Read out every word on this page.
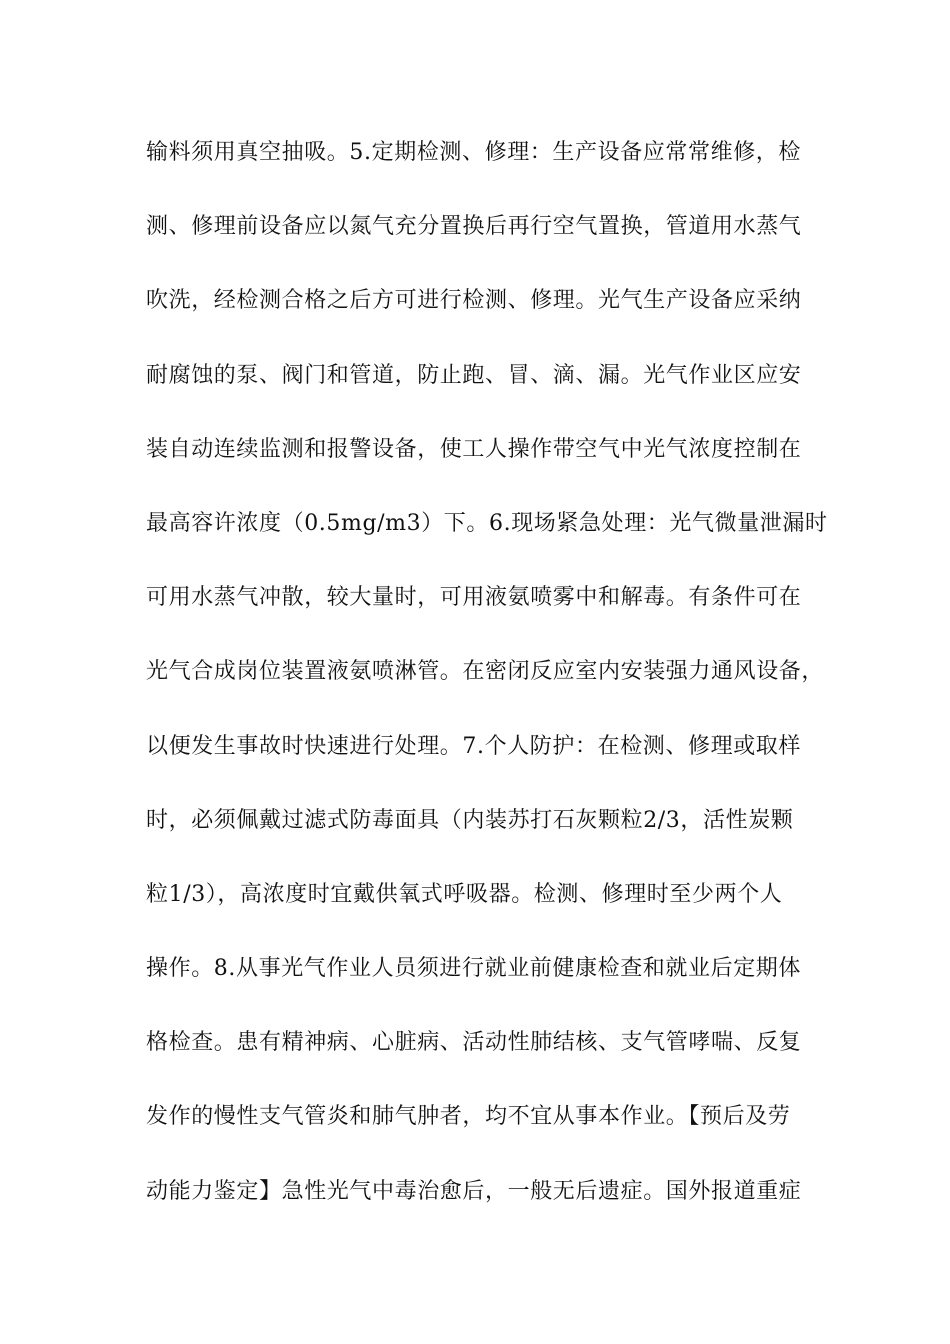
输料须用真空抽吸。5.定期检测、修理：生产设备应常常维修，检
测、修理前设备应以氮气充分置换后再行空气置换，管道用水蒸气
吹洗，经检测合格之后方可进行检测、修理。光气生产设备应采纳
耐腐蚀的泵、阀门和管道，防止跑、冒、滴、漏。光气作业区应安
装自动连续监测和报警设备，使工人操作带空气中光气浓度控制在
最高容许浓度（0.5mg/m3）下。6.现场紧急处理：光气微量泄漏时
可用水蒸气冲散，较大量时，可用液氨喷雾中和解毒。有条件可在
光气合成岗位装置液氨喷淋管。在密闭反应室内安装强力通风设备，
以便发生事故时快速进行处理。7.个人防护：在检测、修理或取样
时，必须佩戴过滤式防毒面具（内装苏打石灰颗粒2/3，活性炭颗
粒1/3），高浓度时宜戴供氧式呼吸器。检测、修理时至少两个人
操作。8.从事光气作业人员须进行就业前健康检查和就业后定期体
格检查。患有精神病、心脏病、活动性肺结核、支气管哮喘、反复
发作的慢性支气管炎和肺气肿者，均不宜从事本作业。【预后及劳
动能力鉴定】急性光气中毒治愈后，一般无后遗症。国外报道重症
